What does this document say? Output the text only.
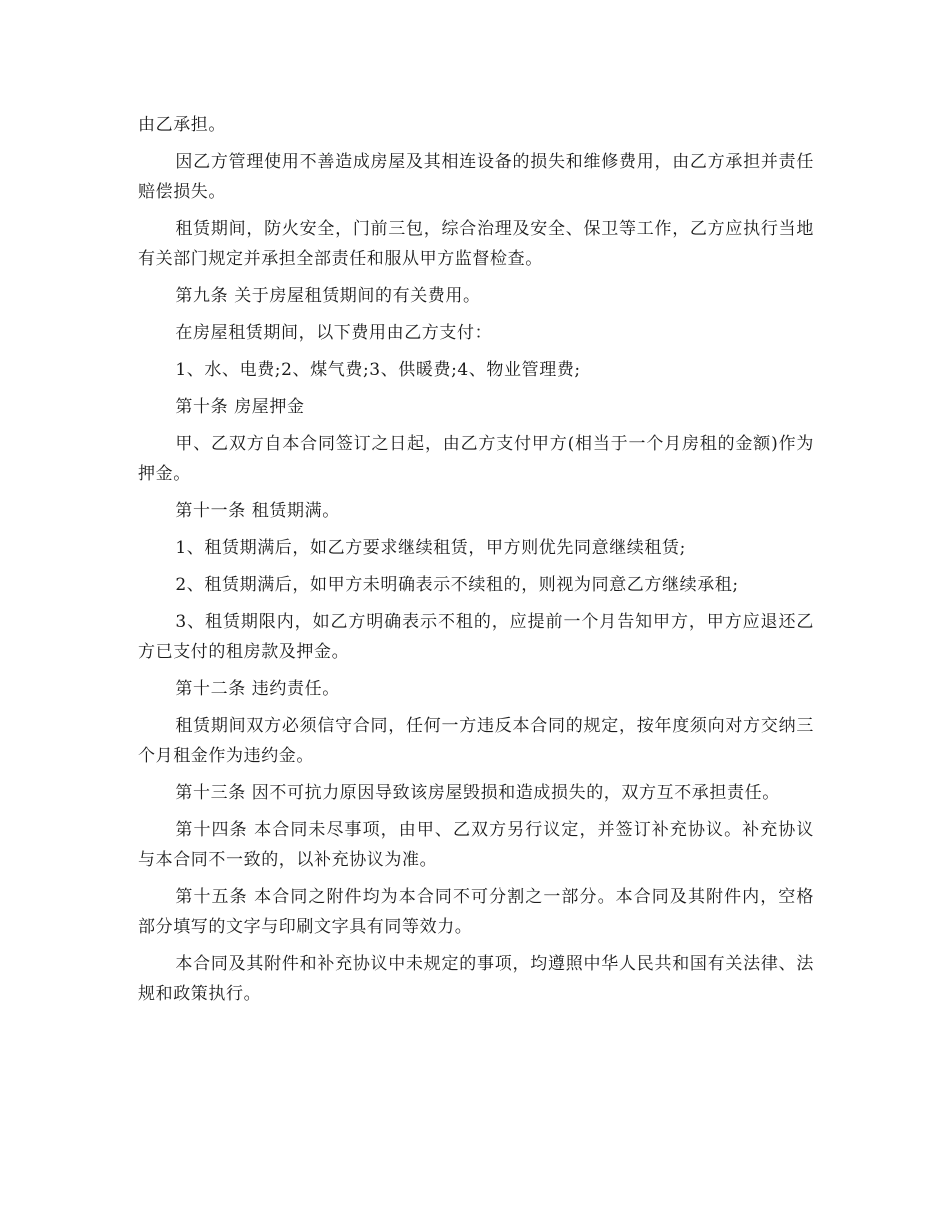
由乙承担。

因乙方管理使用不善造成房屋及其相连设备的损失和维修费用，由乙方承担并责任赔偿损失。

租赁期间，防火安全，门前三包，综合治理及安全、保卫等工作，乙方应执行当地有关部门规定并承担全部责任和服从甲方监督检查。

第九条 关于房屋租赁期间的有关费用。

在房屋租赁期间，以下费用由乙方支付：

1、水、电费;2、煤气费;3、供暖费;4、物业管理费;

第十条 房屋押金

甲、乙双方自本合同签订之日起，由乙方支付甲方(相当于一个月房租的金额)作为押金。

第十一条 租赁期满。

1、租赁期满后，如乙方要求继续租赁，甲方则优先同意继续租赁;

2、租赁期满后，如甲方未明确表示不续租的，则视为同意乙方继续承租;

3、租赁期限内，如乙方明确表示不租的，应提前一个月告知甲方，甲方应退还乙方已支付的租房款及押金。

第十二条 违约责任。

租赁期间双方必须信守合同，任何一方违反本合同的规定，按年度须向对方交纳三个月租金作为违约金。

第十三条 因不可抗力原因导致该房屋毁损和造成损失的，双方互不承担责任。

第十四条 本合同未尽事项，由甲、乙双方另行议定，并签订补充协议。补充协议与本合同不一致的，以补充协议为准。

第十五条 本合同之附件均为本合同不可分割之一部分。本合同及其附件内，空格部分填写的文字与印刷文字具有同等效力。

本合同及其附件和补充协议中未规定的事项，均遵照中华人民共和国有关法律、法规和政策执行。
